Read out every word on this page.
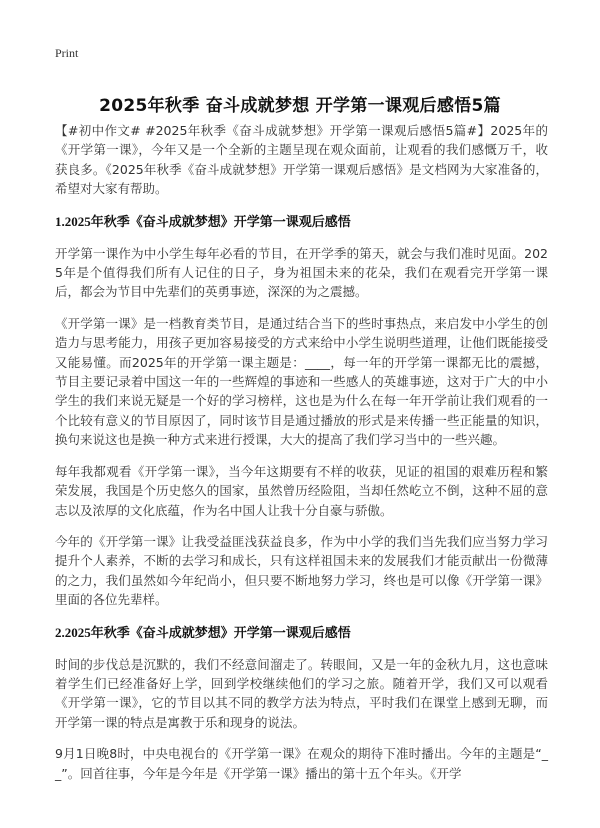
Print
2025年秋季 奋斗成就梦想 开学第一课观后感悟5篇

【#初中作文# #2025年秋季《奋斗成就梦想》开学第一课观后感悟5篇#】2025年的《开学第一课》，今年又是一个全新的主题呈现在观众面前，让观看的我们感慨万千，收获良多。《2025年秋季《奋斗成就梦想》开学第一课观后感悟》是文档网为大家准备的，希望对大家有帮助。

1.2025年秋季《奋斗成就梦想》开学第一课观后感悟

开学第一课作为中小学生每年必看的节目，在开学季的第天，就会与我们准时见面。2025年是个值得我们所有人记住的日子，身为祖国未来的花朵，我们在观看完开学第一课后，都会为节目中先辈们的英勇事迹，深深的为之震撼。

《开学第一课》是一档教育类节目，是通过结合当下的些时事热点，来启发中小学生的创造力与思考能力，用孩子更加容易接受的方式来给中小学生说明些道理，让他们既能接受又能易懂。而2025年的开学第一课主题是：____，每一年的开学第一课都无比的震撼，节目主要记录着中国这一年的一些辉煌的事迹和一些感人的英雄事迹，这对于广大的中小学生的我们来说无疑是一个好的学习榜样，这也是为什么在每一年开学前让我们观看的一个比较有意义的节目原因了，同时该节目是通过播放的形式是来传播一些正能量的知识，换句来说这也是换一种方式来进行授课，大大的提高了我们学习当中的一些兴趣。

每年我都观看《开学第一课》，当今年这期要有不样的收获，见证的祖国的艰难历程和繁荣发展，我国是个历史悠久的国家，虽然曾历经险阻，当却任然屹立不倒，这种不屈的意志以及浓厚的文化底蕴，作为名中国人让我十分自豪与骄傲。

今年的《开学第一课》让我受益匪浅获益良多，作为中小学的我们当先我们应当努力学习提升个人素养，不断的去学习和成长，只有这样祖国未来的发展我们才能贡献出一份微薄的之力，我们虽然如今年纪尚小，但只要不断地努力学习，终也是可以像《开学第一课》里面的各位先辈样。

2.2025年秋季《奋斗成就梦想》开学第一课观后感悟

时间的步伐总是沉默的，我们不经意间溜走了。转眼间，又是一年的金秋九月，这也意味着学生们已经准备好上学，回到学校继续他们的学习之旅。随着开学，我们又可以观看《开学第一课》，它的节目以其不同的教学方法为特点，平时我们在课堂上感到无聊，而开学第一课的特点是寓教于乐和现身的说法。

9月1日晚8时，中央电视台的《开学第一课》在观众的期待下准时播出。今年的主题是“__”。回首往事，今年是今年是《开学第一课》播出的第十五个年头。《开学
